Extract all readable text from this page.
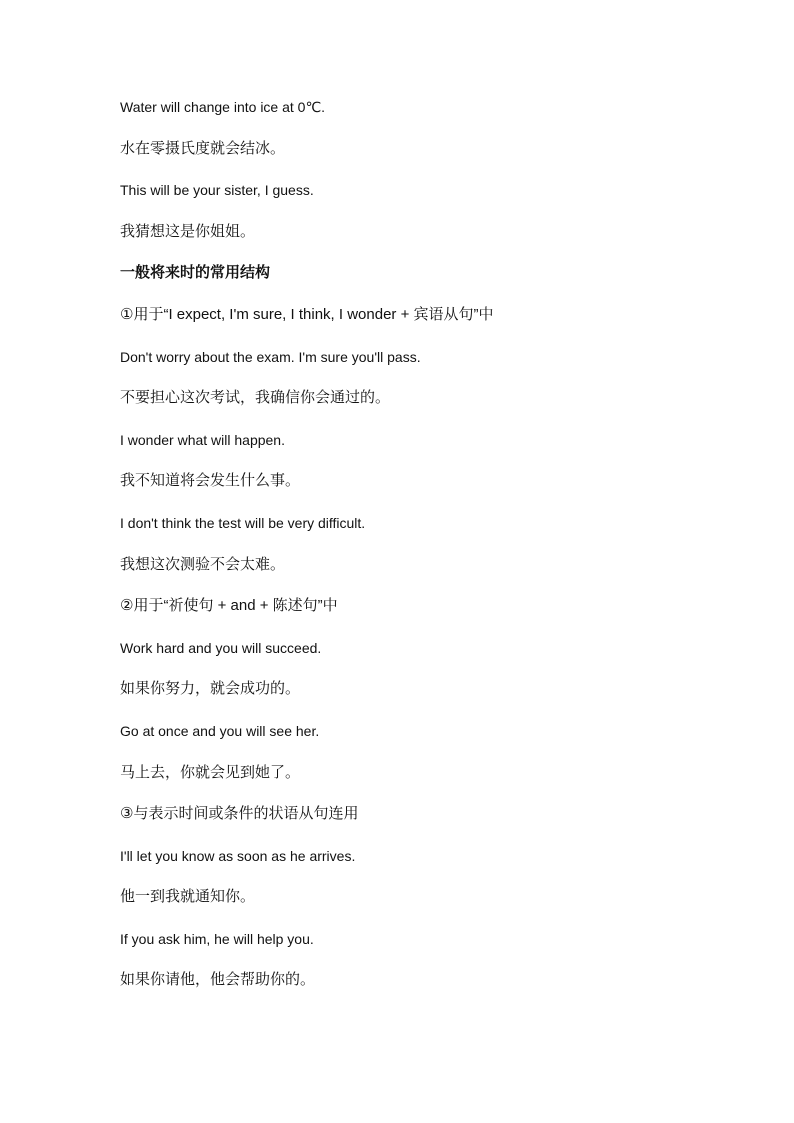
Water will change into ice at 0℃.
水在零摄氏度就会结冰。
This will be your sister, I guess.
我猜想这是你姐姐。
一般将来时的常用结构
①用于“I expect, I'm sure, I think, I wonder + 宾语从句”中
Don't worry about the exam. I'm sure you'll pass.
不要担心这次考试，我确信你会通过的。
I wonder what will happen.
我不知道将会发生什么事。
I don't think the test will be very difficult.
我想这次测验不会太难。
②用于“祈使句 + and + 陈述句”中
Work hard and you will succeed.
如果你努力，就会成功的。
Go at once and you will see her.
马上去，你就会见到她了。
③与表示时间或条件的状语从句连用
I'll let you know as soon as he arrives.
他一到我就通知你。
If you ask him, he will help you.
如果你请他，他会帮助你的。
